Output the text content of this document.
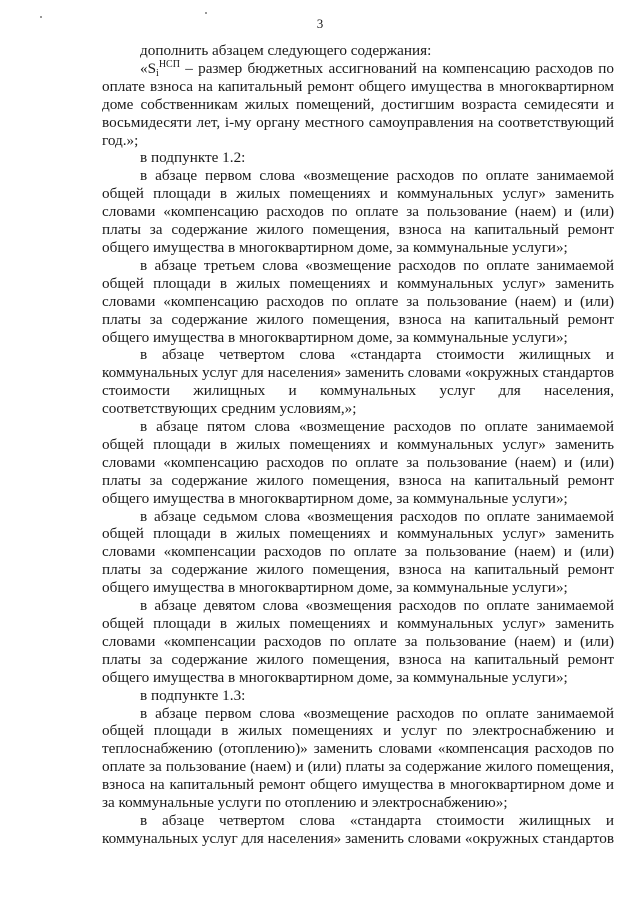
3

дополнить абзацем следующего содержания:

«$S_i^{НСП}$ – размер бюджетных ассигнований на компенсацию расходов по оплате взноса на капитальный ремонт общего имущества в многоквартирном доме собственникам жилых помещений, достигшим возраста семидесяти и восьмидесяти лет, i-му органу местного самоуправления на соответствующий год.»;

в подпункте 1.2:

в абзаце первом слова «возмещение расходов по оплате занимаемой общей площади в жилых помещениях и коммунальных услуг» заменить словами «компенсацию расходов по оплате за пользование (наем) и (или) платы за содержание жилого помещения, взноса на капитальный ремонт общего имущества в многоквартирном доме, за коммунальные услуги»;

в абзаце третьем слова «возмещение расходов по оплате занимаемой общей площади в жилых помещениях и коммунальных услуг» заменить словами «компенсацию расходов по оплате за пользование (наем) и (или) платы за содержание жилого помещения, взноса на капитальный ремонт общего имущества в многоквартирном доме, за коммунальные услуги»;

в абзаце четвертом слова «стандарта стоимости жилищных и коммунальных услуг для населения» заменить словами «окружных стандартов стоимости жилищных и коммунальных услуг для населения, соответствующих средним условиям,»;

в абзаце пятом слова «возмещение расходов по оплате занимаемой общей площади в жилых помещениях и коммунальных услуг» заменить словами «компенсацию расходов по оплате за пользование (наем) и (или) платы за содержание жилого помещения, взноса на капитальный ремонт общего имущества в многоквартирном доме, за коммунальные услуги»;

в абзаце седьмом слова «возмещения расходов по оплате занимаемой общей площади в жилых помещениях и коммунальных услуг» заменить словами «компенсации расходов по оплате за пользование (наем) и (или) платы за содержание жилого помещения, взноса на капитальный ремонт общего имущества в многоквартирном доме, за коммунальные услуги»;

в абзаце девятом слова «возмещения расходов по оплате занимаемой общей площади в жилых помещениях и коммунальных услуг» заменить словами «компенсации расходов по оплате за пользование (наем) и (или) платы за содержание жилого помещения, взноса на капитальный ремонт общего имущества в многоквартирном доме, за коммунальные услуги»;

в подпункте 1.3:

в абзаце первом слова «возмещение расходов по оплате занимаемой общей площади в жилых помещениях и услуг по электроснабжению и теплоснабжению (отоплению)» заменить словами «компенсация расходов по оплате за пользование (наем) и (или) платы за содержание жилого помещения, взноса на капитальный ремонт общего имущества в многоквартирном доме и за коммунальные услуги по отоплению и электроснабжению»;

в абзаце четвертом слова «стандарта стоимости жилищных и коммунальных услуг для населения» заменить словами «окружных стандартов
